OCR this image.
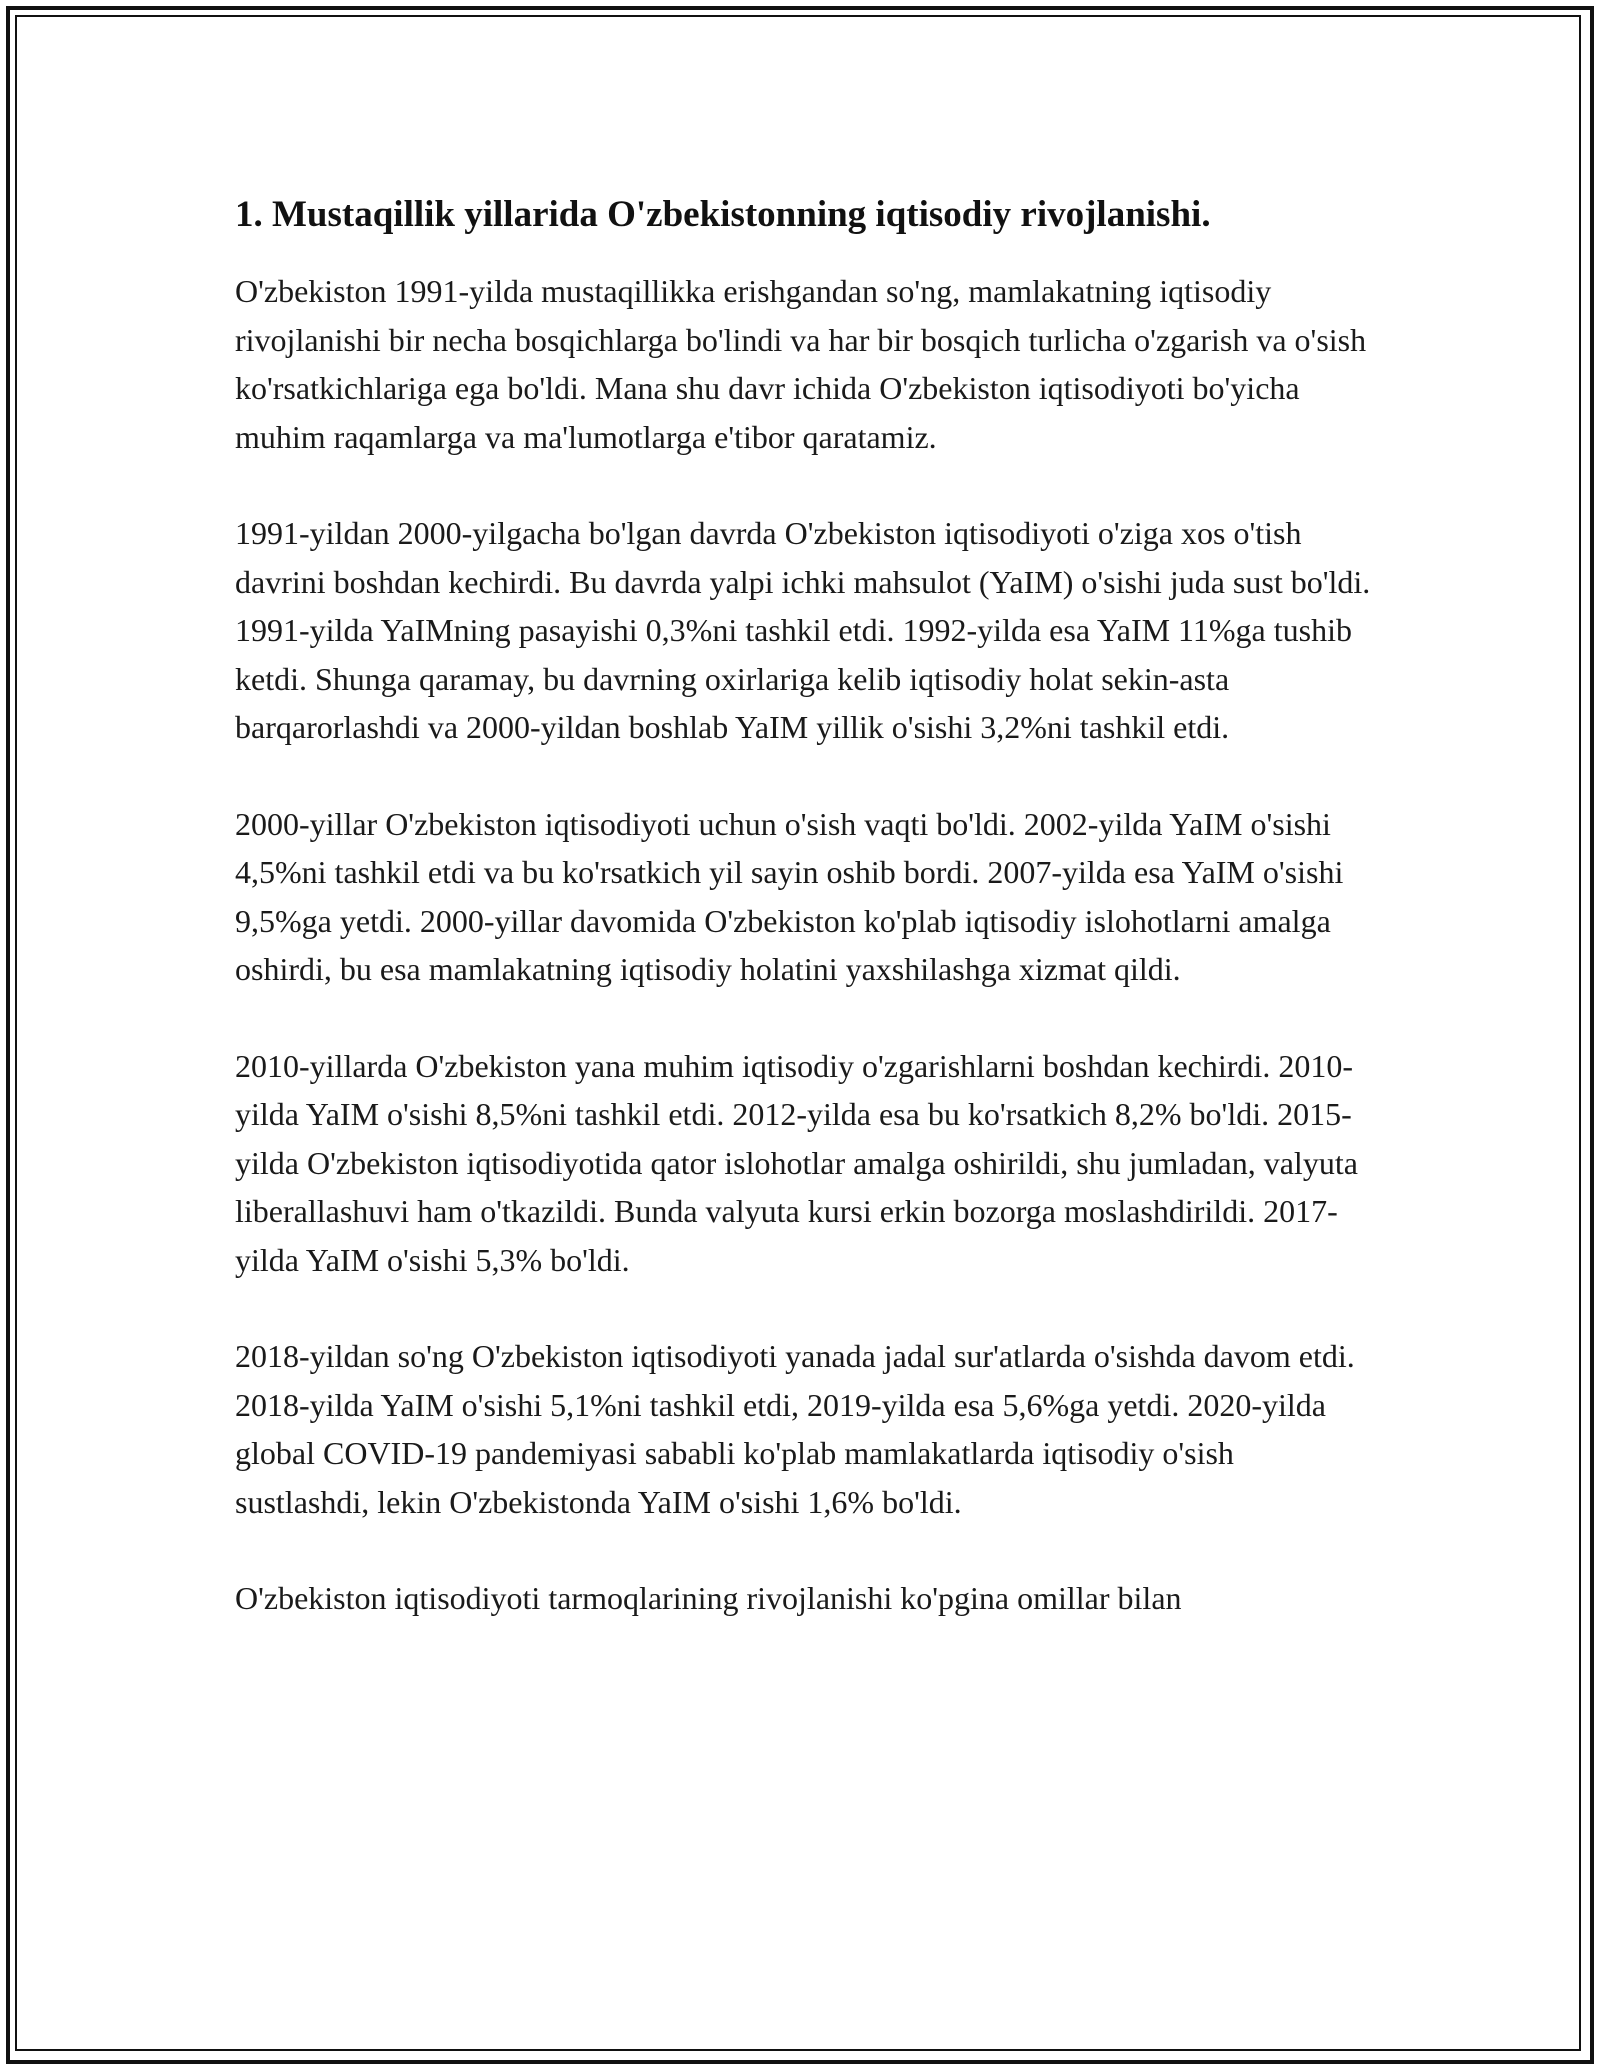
1. Mustaqillik yillarida O'zbekistonning iqtisodiy rivojlanishi.

O'zbekiston 1991-yilda mustaqillikka erishgandan so'ng, mamlakatning iqtisodiy rivojlanishi bir necha bosqichlarga bo'lindi va har bir bosqich turlicha o'zgarish va o'sish ko'rsatkichlariga ega bo'ldi. Mana shu davr ichida O'zbekiston iqtisodiyoti bo'yicha muhim raqamlarga va ma'lumotlarga e'tibor qaratamiz.

1991-yildan 2000-yilgacha bo'lgan davrda O'zbekiston iqtisodiyoti o'ziga xos o'tish davrini boshdan kechirdi. Bu davrda yalpi ichki mahsulot (YaIM) o'sishi juda sust bo'ldi. 1991-yilda YaIMning pasayishi 0,3%ni tashkil etdi. 1992-yilda esa YaIM 11%ga tushib ketdi. Shunga qaramay, bu davrning oxirlariga kelib iqtisodiy holat sekin-asta barqarorlashdi va 2000-yildan boshlab YaIM yillik o'sishi 3,2%ni tashkil etdi.

2000-yillar O'zbekiston iqtisodiyoti uchun o'sish vaqti bo'ldi. 2002-yilda YaIM o'sishi 4,5%ni tashkil etdi va bu ko'rsatkich yil sayin oshib bordi. 2007-yilda esa YaIM o'sishi 9,5%ga yetdi. 2000-yillar davomida O'zbekiston ko'plab iqtisodiy islohotlarni amalga oshirdi, bu esa mamlakatning iqtisodiy holatini yaxshilashga xizmat qildi.

2010-yillarda O'zbekiston yana muhim iqtisodiy o'zgarishlarni boshdan kechirdi. 2010-yilda YaIM o'sishi 8,5%ni tashkil etdi. 2012-yilda esa bu ko'rsatkich 8,2% bo'ldi. 2015-yilda O'zbekiston iqtisodiyotida qator islohotlar amalga oshirildi, shu jumladan, valyuta liberallashuvi ham o'tkazildi. Bunda valyuta kursi erkin bozorga moslashdirildi. 2017-yilda YaIM o'sishi 5,3% bo'ldi.

2018-yildan so'ng O'zbekiston iqtisodiyoti yanada jadal sur'atlarda o'sishda davom etdi. 2018-yilda YaIM o'sishi 5,1%ni tashkil etdi, 2019-yilda esa 5,6%ga yetdi. 2020-yilda global COVID-19 pandemiyasi sababli ko'plab mamlakatlarda iqtisodiy o'sish sustlashdi, lekin O'zbekistonda YaIM o'sishi 1,6% bo'ldi.

O'zbekiston iqtisodiyoti tarmoqlarining rivojlanishi ko'pgina omillar bilan
